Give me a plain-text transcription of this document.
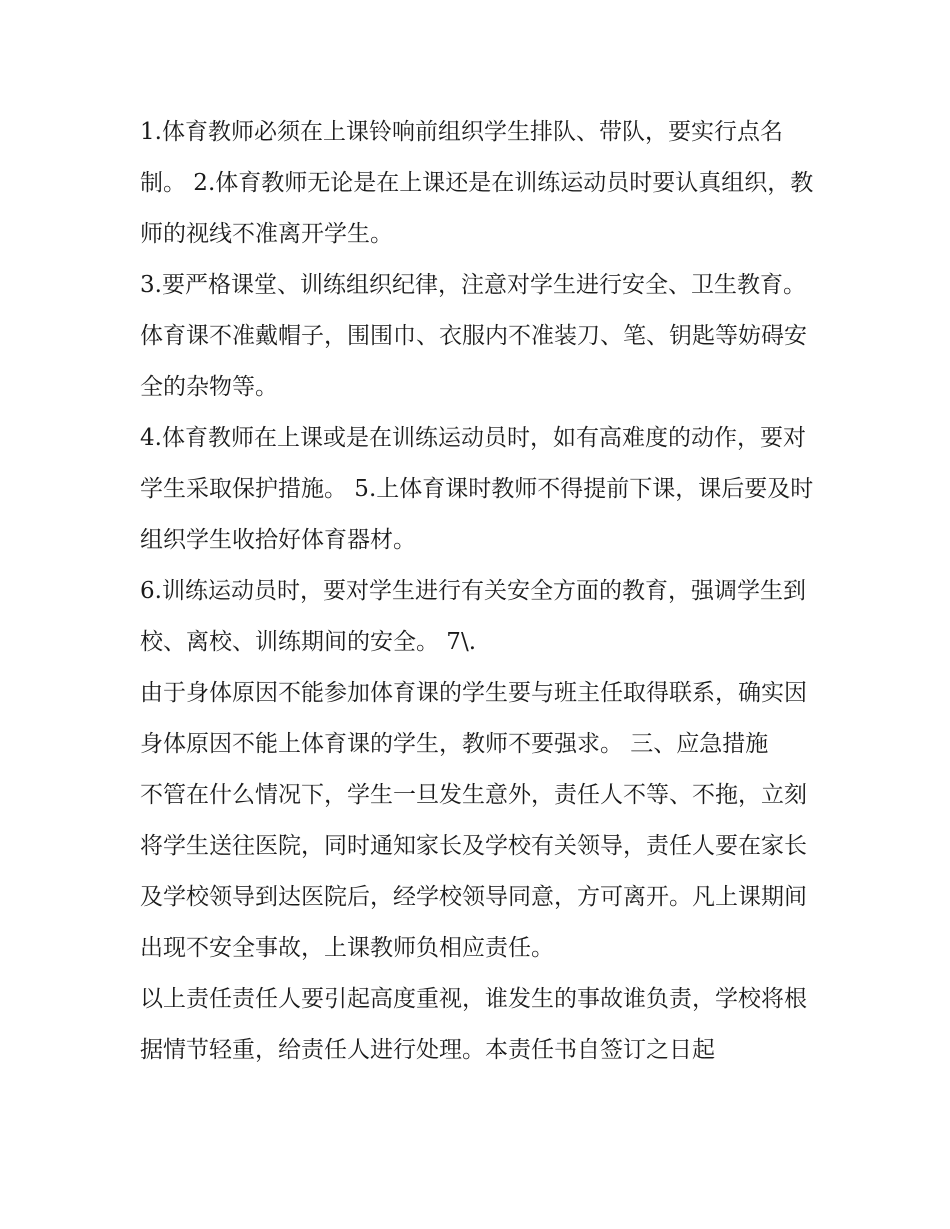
1.体育教师必须在上课铃响前组织学生排队、带队，要实行点名制。 2.体育教师无论是在上课还是在训练运动员时要认真组织，教师的视线不准离开学生。

3.要严格课堂、训练组织纪律，注意对学生进行安全、卫生教育。体育课不准戴帽子，围围巾、衣服内不准装刀、笔、钥匙等妨碍安全的杂物等。

4.体育教师在上课或是在训练运动员时，如有高难度的动作，要对学生采取保护措施。 5.上体育课时教师不得提前下课，课后要及时组织学生收拾好体育器材。

6.训练运动员时，要对学生进行有关安全方面的教育，强调学生到校、离校、训练期间的安全。 7\.

由于身体原因不能参加体育课的学生要与班主任取得联系，确实因身体原因不能上体育课的学生，教师不要强求。 三、应急措施

不管在什么情况下，学生一旦发生意外，责任人不等、不拖，立刻将学生送往医院，同时通知家长及学校有关领导，责任人要在家长及学校领导到达医院后，经学校领导同意，方可离开。凡上课期间出现不安全事故，上课教师负相应责任。

以上责任责任人要引起高度重视，谁发生的事故谁负责，学校将根据情节轻重，给责任人进行处理。本责任书自签订之日起
